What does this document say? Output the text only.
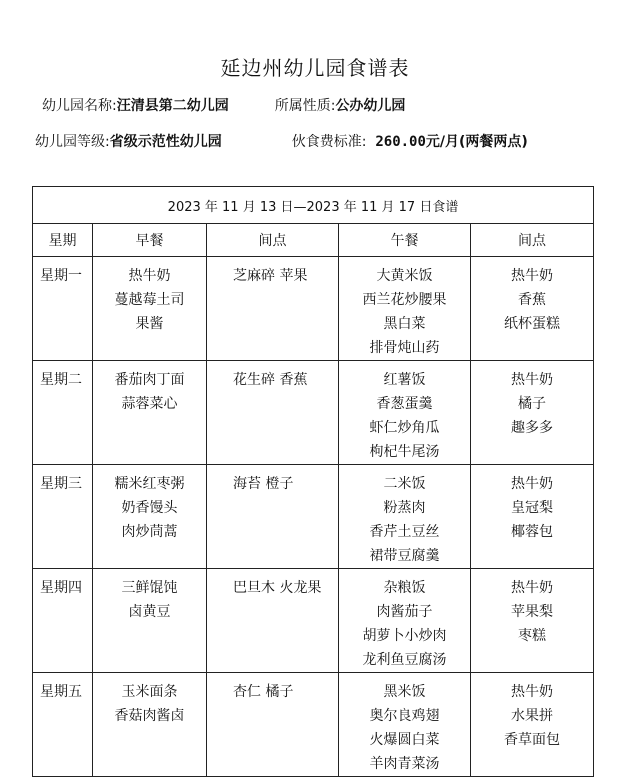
延边州幼儿园食谱表
幼儿园名称:汪清县第二幼儿园	所属性质:公办幼儿园
幼儿园等级:省级示范性幼儿园	伙食费标准: 260.00元/月(两餐两点)
2023 年 11 月 13 日—2023 年 11 月 17 日食谱				
星期	早餐	间点	午餐	间点
星期一	热牛奶
蔓越莓土司
果酱	芝麻碎 苹果	大黄米饭
西兰花炒腰果
黑白菜
排骨炖山药	热牛奶
香蕉
纸杯蛋糕

星期二	番茄肉丁面
蒜蓉菜心	花生碎 香蕉	红薯饭
香葱蛋羹
虾仁炒角瓜
枸杞牛尾汤	热牛奶
橘子
趣多多

星期三	糯米红枣粥
奶香馒头
肉炒茼蒿	海苔 橙子	二米饭
粉蒸肉
香芹土豆丝
裙带豆腐羹	热牛奶
皇冠梨
椰蓉包

星期四	三鲜馄饨
卤黄豆	巴旦木 火龙果	杂粮饭
肉酱茄子
胡萝卜小炒肉
龙利鱼豆腐汤	热牛奶
苹果梨
枣糕

星期五	玉米面条
香菇肉酱卤	杏仁 橘子	黑米饭
奥尔良鸡翅
火爆圆白菜
羊肉青菜汤	热牛奶
水果拼
香草面包
